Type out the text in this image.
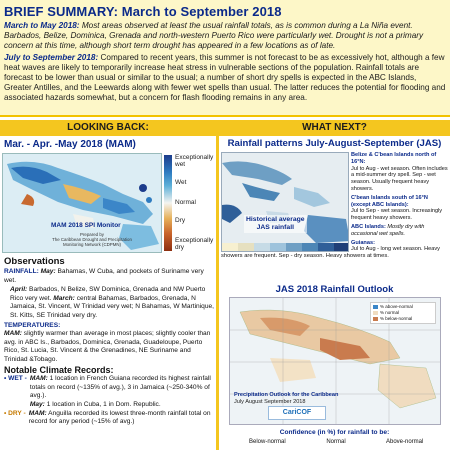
BRIEF SUMMARY: March to September 2018

March to May 2018: Most areas observed at least the usual rainfall totals, as is common during a La Niña event. Barbados, Belize, Dominica, Grenada and north-western Puerto Rico were particularly wet. Drought is not a primary concern at this time, although short term drought has appeared in a few locations as of late.

July to September 2018: Compared to recent years, this summer is not forecast to be as excessively hot, although a few heat waves are likely to temporarily increase heat stress in vulnerable sections of the population. Rainfall totals are forecast to be lower than usual or similar to the usual; a number of short dry spells is expected in the ABC Islands, Greater Antilles, and the Leewards along with fewer wet spells than usual. The latter reduces the potential for flooding and associated hazards somewhat, but a concern for flash flooding remains in any area.

LOOKING BACK:	WHAT NEXT?
Mar. - Apr. -May 2018 (MAM)
MAM 2018 SPI Monitor
Prepared by
The Caribbean Drought and Precipitation
Monitoring Network (CDPMN)
Exceptionally wet
Wet
Normal
Dry
Exceptionally dry
Observations

RAINFALL: May: Bahamas, W Cuba, and pockets of Suriname very wet.

April: Barbados, N Belize, SW Dominica, Grenada and NW Puerto Rico very wet. March: central Bahamas, Barbados, Grenada, N Jamaica, St. Vincent, W Trinidad very wet; N Bahamas, W Martinique, St. Kitts, SE Trinidad very dry.

TEMPERATURES:
MAM: slightly warmer than average in most places; slightly cooler than avg. in ABC Is., Barbados, Dominica, Grenada, Guadeloupe, Puerto Rico, St. Lucia, St. Vincent & the Grenadines, NE Suriname and Trinidad &Tobago.

Notable Climate Records:
• WET - MAM: 1 location in French Guiana recorded its highest rainfall totals on record (~135% of avg.), 3 in Jamaica (~250-340% of avg.).
May: 1 location in Cuba, 1 in Dom. Republic.
• DRY - MAM: Anguilla recorded its lowest three-month rainfall total on record for any period (~15% of avg.)
Rainfall patterns July-August-September (JAS)
Historical average
JAS rainfall

Belize & C'bean Islands north of 16°N:
Jul to Aug - wet season. Often includes a mid-summer dry spell. Sep - wet season. Usually frequent heavy showers.

C'bean Islands south of 16°N (except ABC Islands):
Jul to Sep - wet season. Increasingly frequent heavy showers.

ABC Islands: Mostly dry with occasional wet spells.

Guianas:
Jul to Aug - long wet season. Heavy

showers are frequent. Sep - dry season. Heavy showers at times.
JAS 2018 Rainfall Outlook
% above-normal
% normal
% below-normal
Precipitation Outlook for the Caribbean
July August September 2018
CariCOF
Confidence (in %) for rainfall to be:
Below-normal	Normal	Above-normal
